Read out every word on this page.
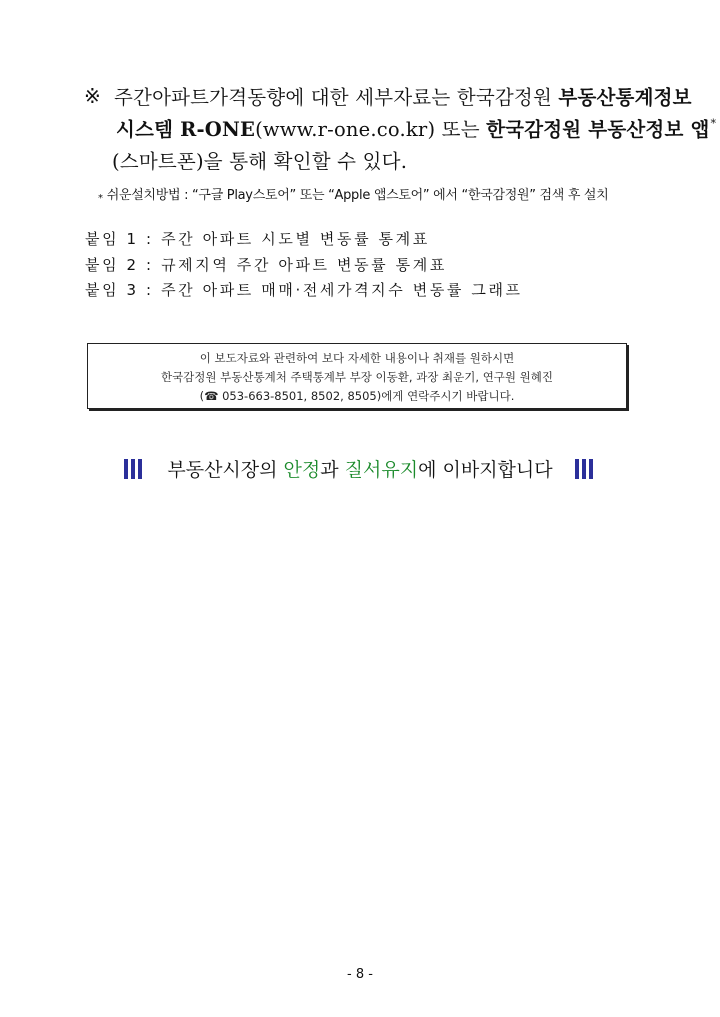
※ 주간아파트가격동향에 대한 세부자료는 한국감정원 부동산통계정보
시스템 R-ONE(www.r-one.co.kr) 또는 한국감정원 부동산정보 앱*
(스마트폰)을 통해 확인할 수 있다.
* 쉬운설치방법 : “구글 Play스토어” 또는 “Apple 앱스토어” 에서 “한국감정원” 검색 후 설치
붙임 1 : 주간 아파트 시도별 변동률 통계표
붙임 2 : 규제지역 주간 아파트 변동률 통계표
붙임 3 : 주간 아파트 매매·전세가격지수 변동률 그래프
이 보도자료와 관련하여 보다 자세한 내용이나 취재를 원하시면
한국감정원 부동산통계처 주택통계부 부장 이동환, 과장 최운기, 연구원 원혜진
(☎ 053-663-8501, 8502, 8505)에게 연락주시기 바랍니다.
부동산시장의 안정과 질서유지에 이바지합니다
- 8 -
